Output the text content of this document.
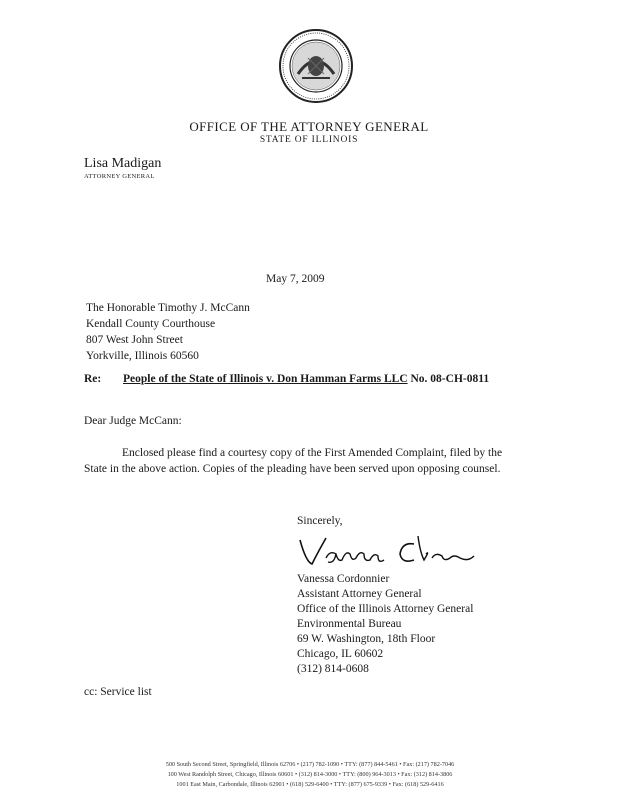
OFFICE OF THE ATTORNEY GENERAL
STATE OF ILLINOIS
Lisa Madigan
ATTORNEY GENERAL
May 7, 2009
The Honorable Timothy J. McCann
Kendall County Courthouse
807 West John Street
Yorkville, Illinois 60560
Re: People of the State of Illinois v. Don Hamman Farms LLC No. 08-CH-0811
Dear Judge McCann:
Enclosed please find a courtesy copy of the First Amended Complaint, filed by the State in the above action. Copies of the pleading have been served upon opposing counsel.
Sincerely,
Vanessa Cordonnier
Assistant Attorney General
Office of the Illinois Attorney General
Environmental Bureau
69 W. Washington, 18th Floor
Chicago, IL 60602
(312) 814-0608
cc: Service list
500 South Second Street, Springfield, Illinois 62706 • (217) 782-1090 • TTY: (877) 844-5461 • Fax: (217) 782-7046
100 West Randolph Street, Chicago, Illinois 60601 • (312) 814-3000 • TTY: (800) 964-3013 • Fax: (312) 814-3806
1001 East Main, Carbondale, Illinois 62901 • (618) 529-6400 • TTY: (877) 675-9339 • Fax: (618) 529-6416
